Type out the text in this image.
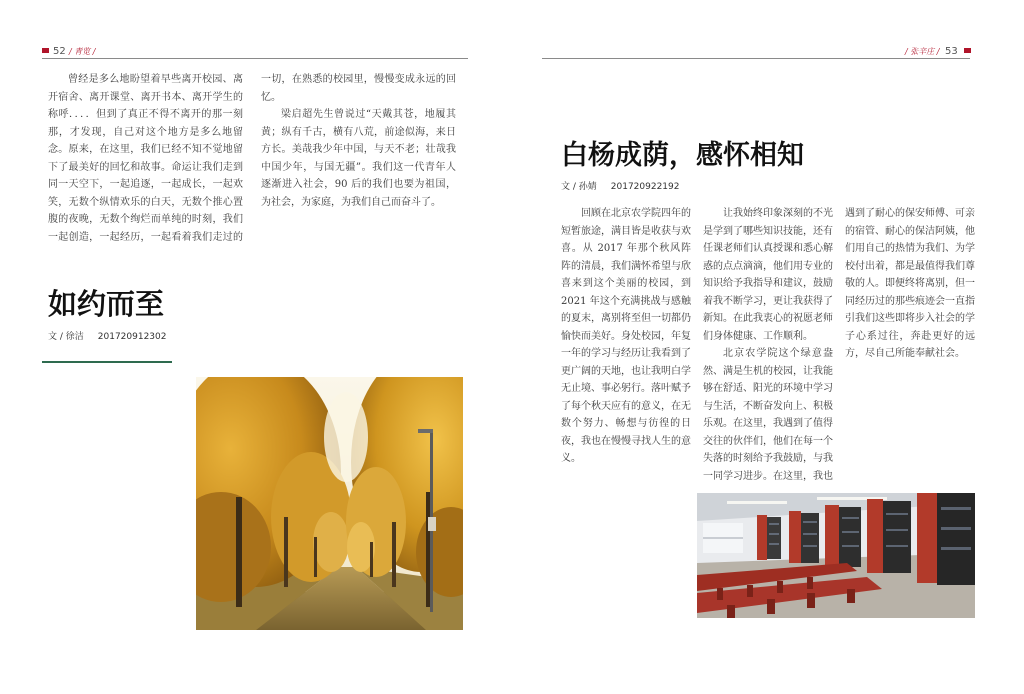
52 / 青览 /

曾经是多么地盼望着早些离开校园、离开宿舍、离开课堂、离开书本、离开学生的称呼．．．．但到了真正不得不离开的那一刻那，才发现，自己对这个地方是多么地留念。原来，在这里，我们已经不知不觉地留下了最美好的回忆和故事。命运让我们走到同一天空下，一起追逐，一起成长，一起欢笑，无数个纵情欢乐的白天，无数个推心置腹的夜晚，无数个绚烂而单纯的时刻，我们一起创造，一起经历，一起看着我们走过的一切，在熟悉的校园里，慢慢变成永远的回忆。

梁启超先生曾说过“天戴其苍，地履其黄；纵有千古，横有八荒，前途似海，来日方长。美哉我少年中国，与天不老；壮哉我中国少年，与国无疆”。我们这一代青年人逐渐进入社会，90 后的我们也要为祖国，为社会，为家庭，为我们自己而奋斗了。

如约而至
文 / 徐洁 201720912302
/ 张辛庄 / 53
白杨成荫，感怀相知
文 / 孙婧 201720922192

回顾在北京农学院四年的短暂旅途，满目皆是收获与欢喜。从 2017 年那个秋风阵阵的清晨，我们满怀希望与欣喜来到这个美丽的校园，到 2021 年这个充满挑战与感触的夏末，离别将至但一切都仍愉快而美好。身处校园，年复一年的学习与经历让我看到了更广阔的天地，也让我明白学无止境、事必躬行。落叶赋予了每个秋天应有的意义，在无数个努力、畅想与彷徨的日夜，我也在慢慢寻找人生的意义。

让我始终印象深刻的不光是学到了哪些知识技能，还有任课老师们认真授课和悉心解惑的点点滴滴，他们用专业的知识给予我指导和建议，鼓励着我不断学习，更让我获得了新知。在此我衷心的祝愿老师们身体健康、工作顺利。

北京农学院这个绿意盎然、满是生机的校园，让我能够在舒适、阳光的环境中学习与生活，不断奋发向上、积极乐观。在这里，我遇到了值得交往的伙伴们，他们在每一个失落的时刻给予我鼓励，与我一同学习进步。在这里，我也遇到了耐心的保安师傅、可亲的宿管、耐心的保洁阿姨，他们用自己的热情为我们、为学校付出着，都是最值得我们尊敬的人。即便终将离别，但一同经历过的那些痕迹会一直指引我们这些即将步入社会的学子心系过往，奔赴更好的远方，尽自己所能奉献社会。
